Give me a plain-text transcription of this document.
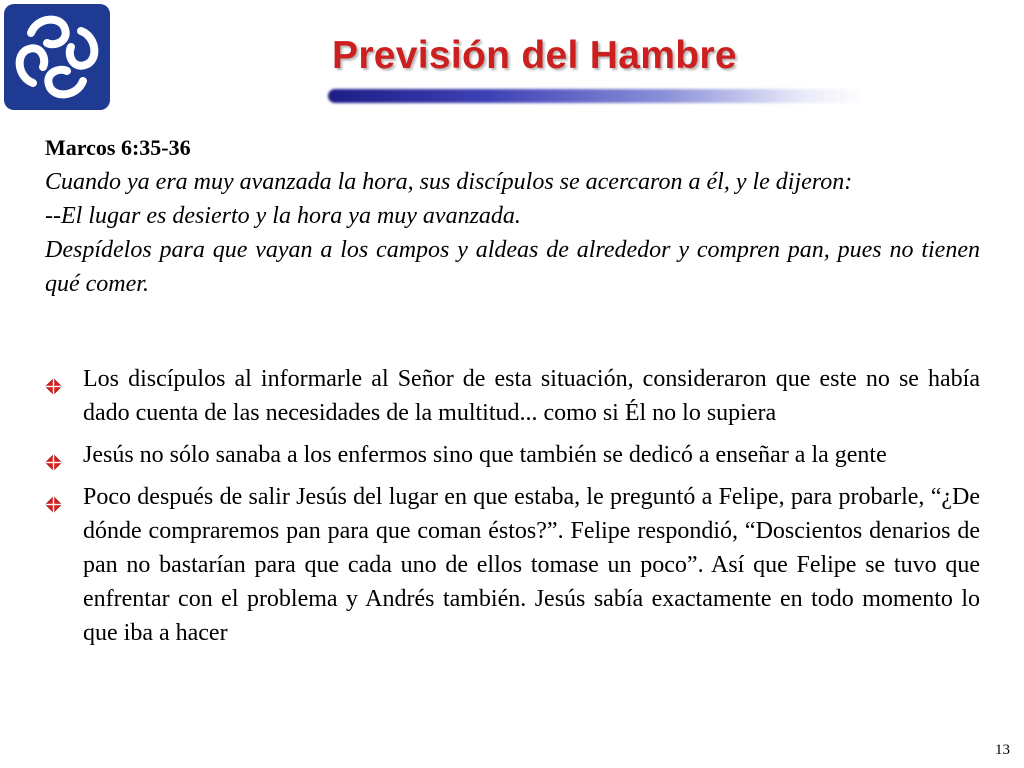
Previsión del Hambre
Marcos 6:35-36
Cuando ya era muy avanzada la hora, sus discípulos se acercaron a él, y le dijeron:
--El lugar es desierto y la hora ya muy avanzada.
Despídelos para que vayan a los campos y aldeas de alrededor y compren pan, pues no tienen qué comer.
Los discípulos al informarle al Señor de esta situación, consideraron que este no se había dado cuenta de las necesidades de la multitud... como si Él no lo supiera
Jesús no sólo sanaba a los enfermos sino que también se dedicó a enseñar a la gente
Poco después de salir Jesús del lugar en que estaba, le preguntó a Felipe, para probarle, “¿De dónde compraremos pan para que coman éstos?”. Felipe respondió, “Doscientos denarios de pan no bastarían para que cada uno de ellos tomase un poco”. Así que Felipe se tuvo que enfrentar con el problema y Andrés también. Jesús sabía exactamente en todo momento lo que iba a hacer
13
